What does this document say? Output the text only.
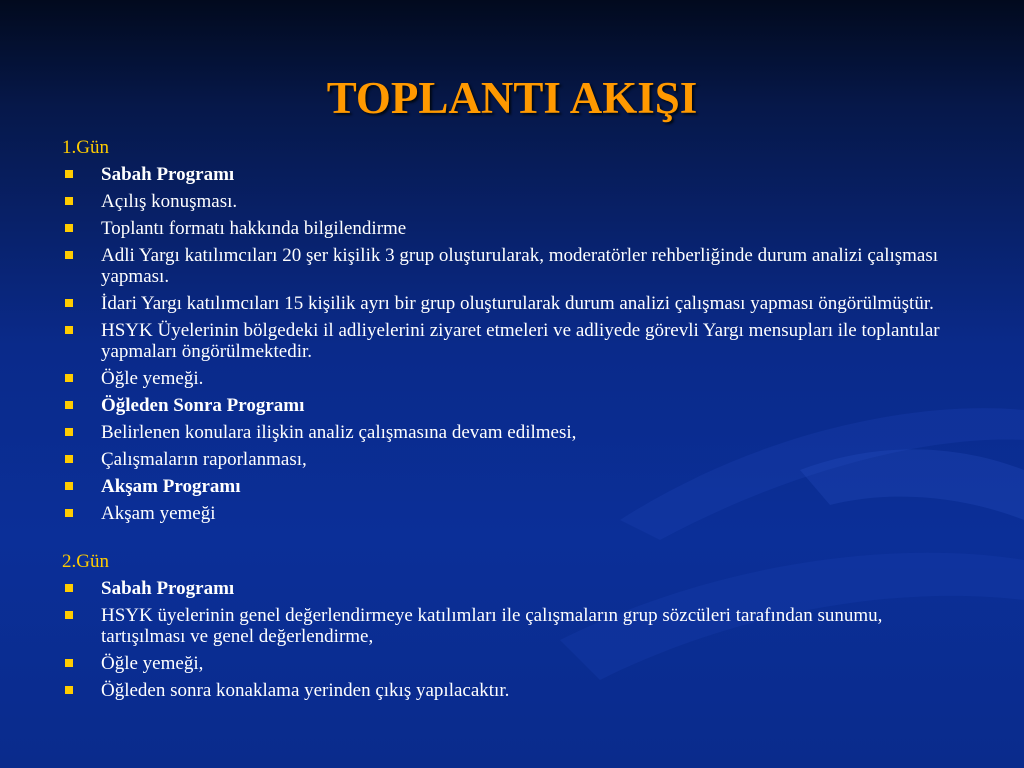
TOPLANTI AKIŞI
1.Gün
Sabah Programı
Açılış konuşması.
Toplantı formatı hakkında bilgilendirme
Adli Yargı katılımcıları 20 şer kişilik 3 grup oluşturularak, moderatörler rehberliğinde durum analizi çalışması yapması.
İdari Yargı katılımcıları 15 kişilik ayrı bir grup oluşturularak durum analizi çalışması yapması öngörülmüştür.
HSYK Üyelerinin bölgedeki il adliyelerini ziyaret etmeleri ve adliyede görevli Yargı mensupları ile toplantılar yapmaları öngörülmektedir.
Öğle yemeği.
Öğleden Sonra Programı
Belirlenen konulara ilişkin analiz çalışmasına devam edilmesi,
Çalışmaların raporlanması,
Akşam Programı
Akşam yemeği
2.Gün
Sabah Programı
HSYK üyelerinin genel değerlendirmeye katılımları ile çalışmaların grup sözcüleri tarafından sunumu, tartışılması ve genel değerlendirme,
Öğle yemeği,
Öğleden sonra konaklama yerinden çıkış yapılacaktır.
